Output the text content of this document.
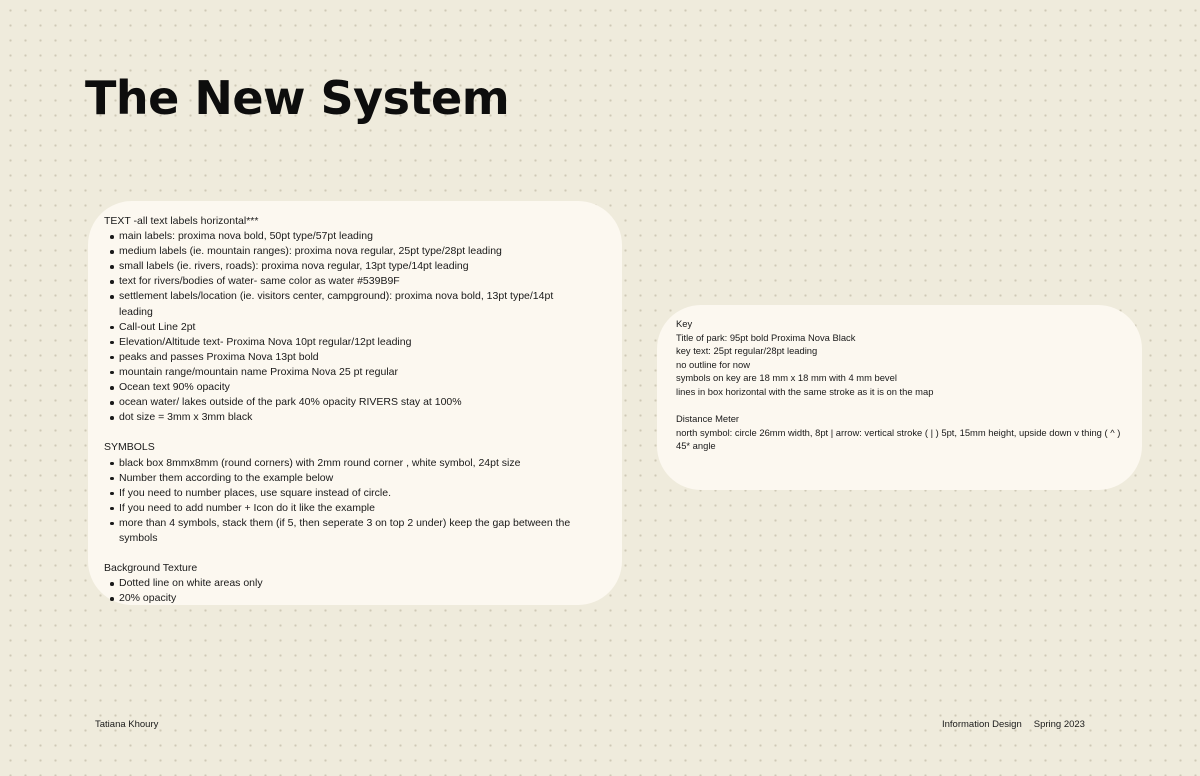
The New System

TEXT -all text labels horizontal***

main labels: proxima nova bold, 50pt type/57pt leading
medium labels (ie. mountain ranges): proxima nova regular, 25pt type/28pt leading
small labels (ie. rivers, roads): proxima nova regular, 13pt type/14pt leading
text for rivers/bodies of water- same color as water #539B9F
settlement labels/location (ie. visitors center, campground): proxima nova bold, 13pt type/14pt leading
Call-out Line 2pt
Elevation/Altitude text- Proxima Nova 10pt regular/12pt leading
peaks and passes Proxima Nova 13pt bold
mountain range/mountain name Proxima Nova 25 pt regular
Ocean text 90% opacity
ocean water/ lakes outside of the park 40% opacity RIVERS stay at 100%
dot size = 3mm x 3mm black

SYMBOLS

black box 8mmx8mm (round corners) with 2mm round corner , white symbol, 24pt size
Number them according to the example below
If you need to number places, use square instead of circle.
If you need to add number + Icon do it like the example
more than 4 symbols, stack them (if 5, then seperate 3 on top 2 under) keep the gap between the symbols

Background Texture

Dotted line on white areas only
20% opacity
Key
Title of park: 95pt bold Proxima Nova Black
key text: 25pt regular/28pt leading
no outline for now
symbols on key are 18 mm x 18 mm with 4 mm bevel
lines in box horizontal with the same stroke as it is on the map
Distance Meter
north symbol: circle 26mm width, 8pt | arrow: vertical stroke ( | ) 5pt, 15mm height, upside down v thing ( ^ )
45* angle
Tatiana Khoury	Information Design Spring 2023
